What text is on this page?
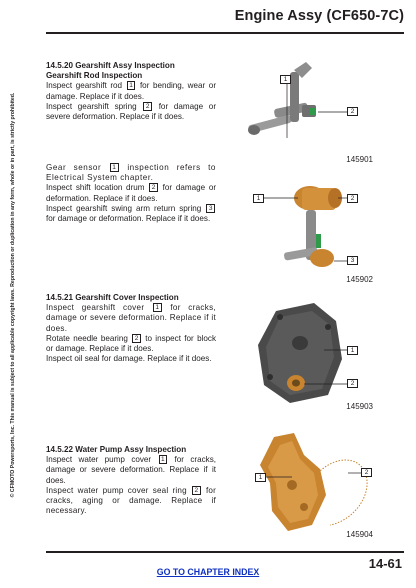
Engine Assy (CF650-7C)
© CFMOTO Powersports, Inc. This manual is subject to all applicable copyright laws. Reproduction or duplication in any form, whole or in part, is strictly prohibited.
14.5.20 Gearshift Assy Inspection
Gearshift Rod Inspection
Inspect gearshift rod 1 for bending, wear or damage. Replace if it does.
Inspect gearshift spring 2 for damage or severe deformation. Replace if it does.
Gear sensor 1 inspection refers to Electrical System chapter.
Inspect shift location drum 2 for damage or deformation. Replace if it does.
Inspect gearshift swing arm return spring 3 for damage or deformation. Replace if it does.
14.5.21 Gearshift Cover Inspection
Inspect gearshift cover 1 for cracks, damage or severe deformation. Replace if it does.
Rotate needle bearing 2 to inspect for block or damage. Replace if it does.
Inspect oil seal for damage. Replace if it does.
14.5.22 Water Pump Assy Inspection
Inspect water pump cover 1 for cracks, damage or severe deformation. Replace if it does.
Inspect water pump cover seal ring 2 for cracks, aging or damage. Replace if necessary.
1
2
145901
1	2
3
145902
1
2
145903
1
2
145904
14-61
GO TO CHAPTER INDEX
